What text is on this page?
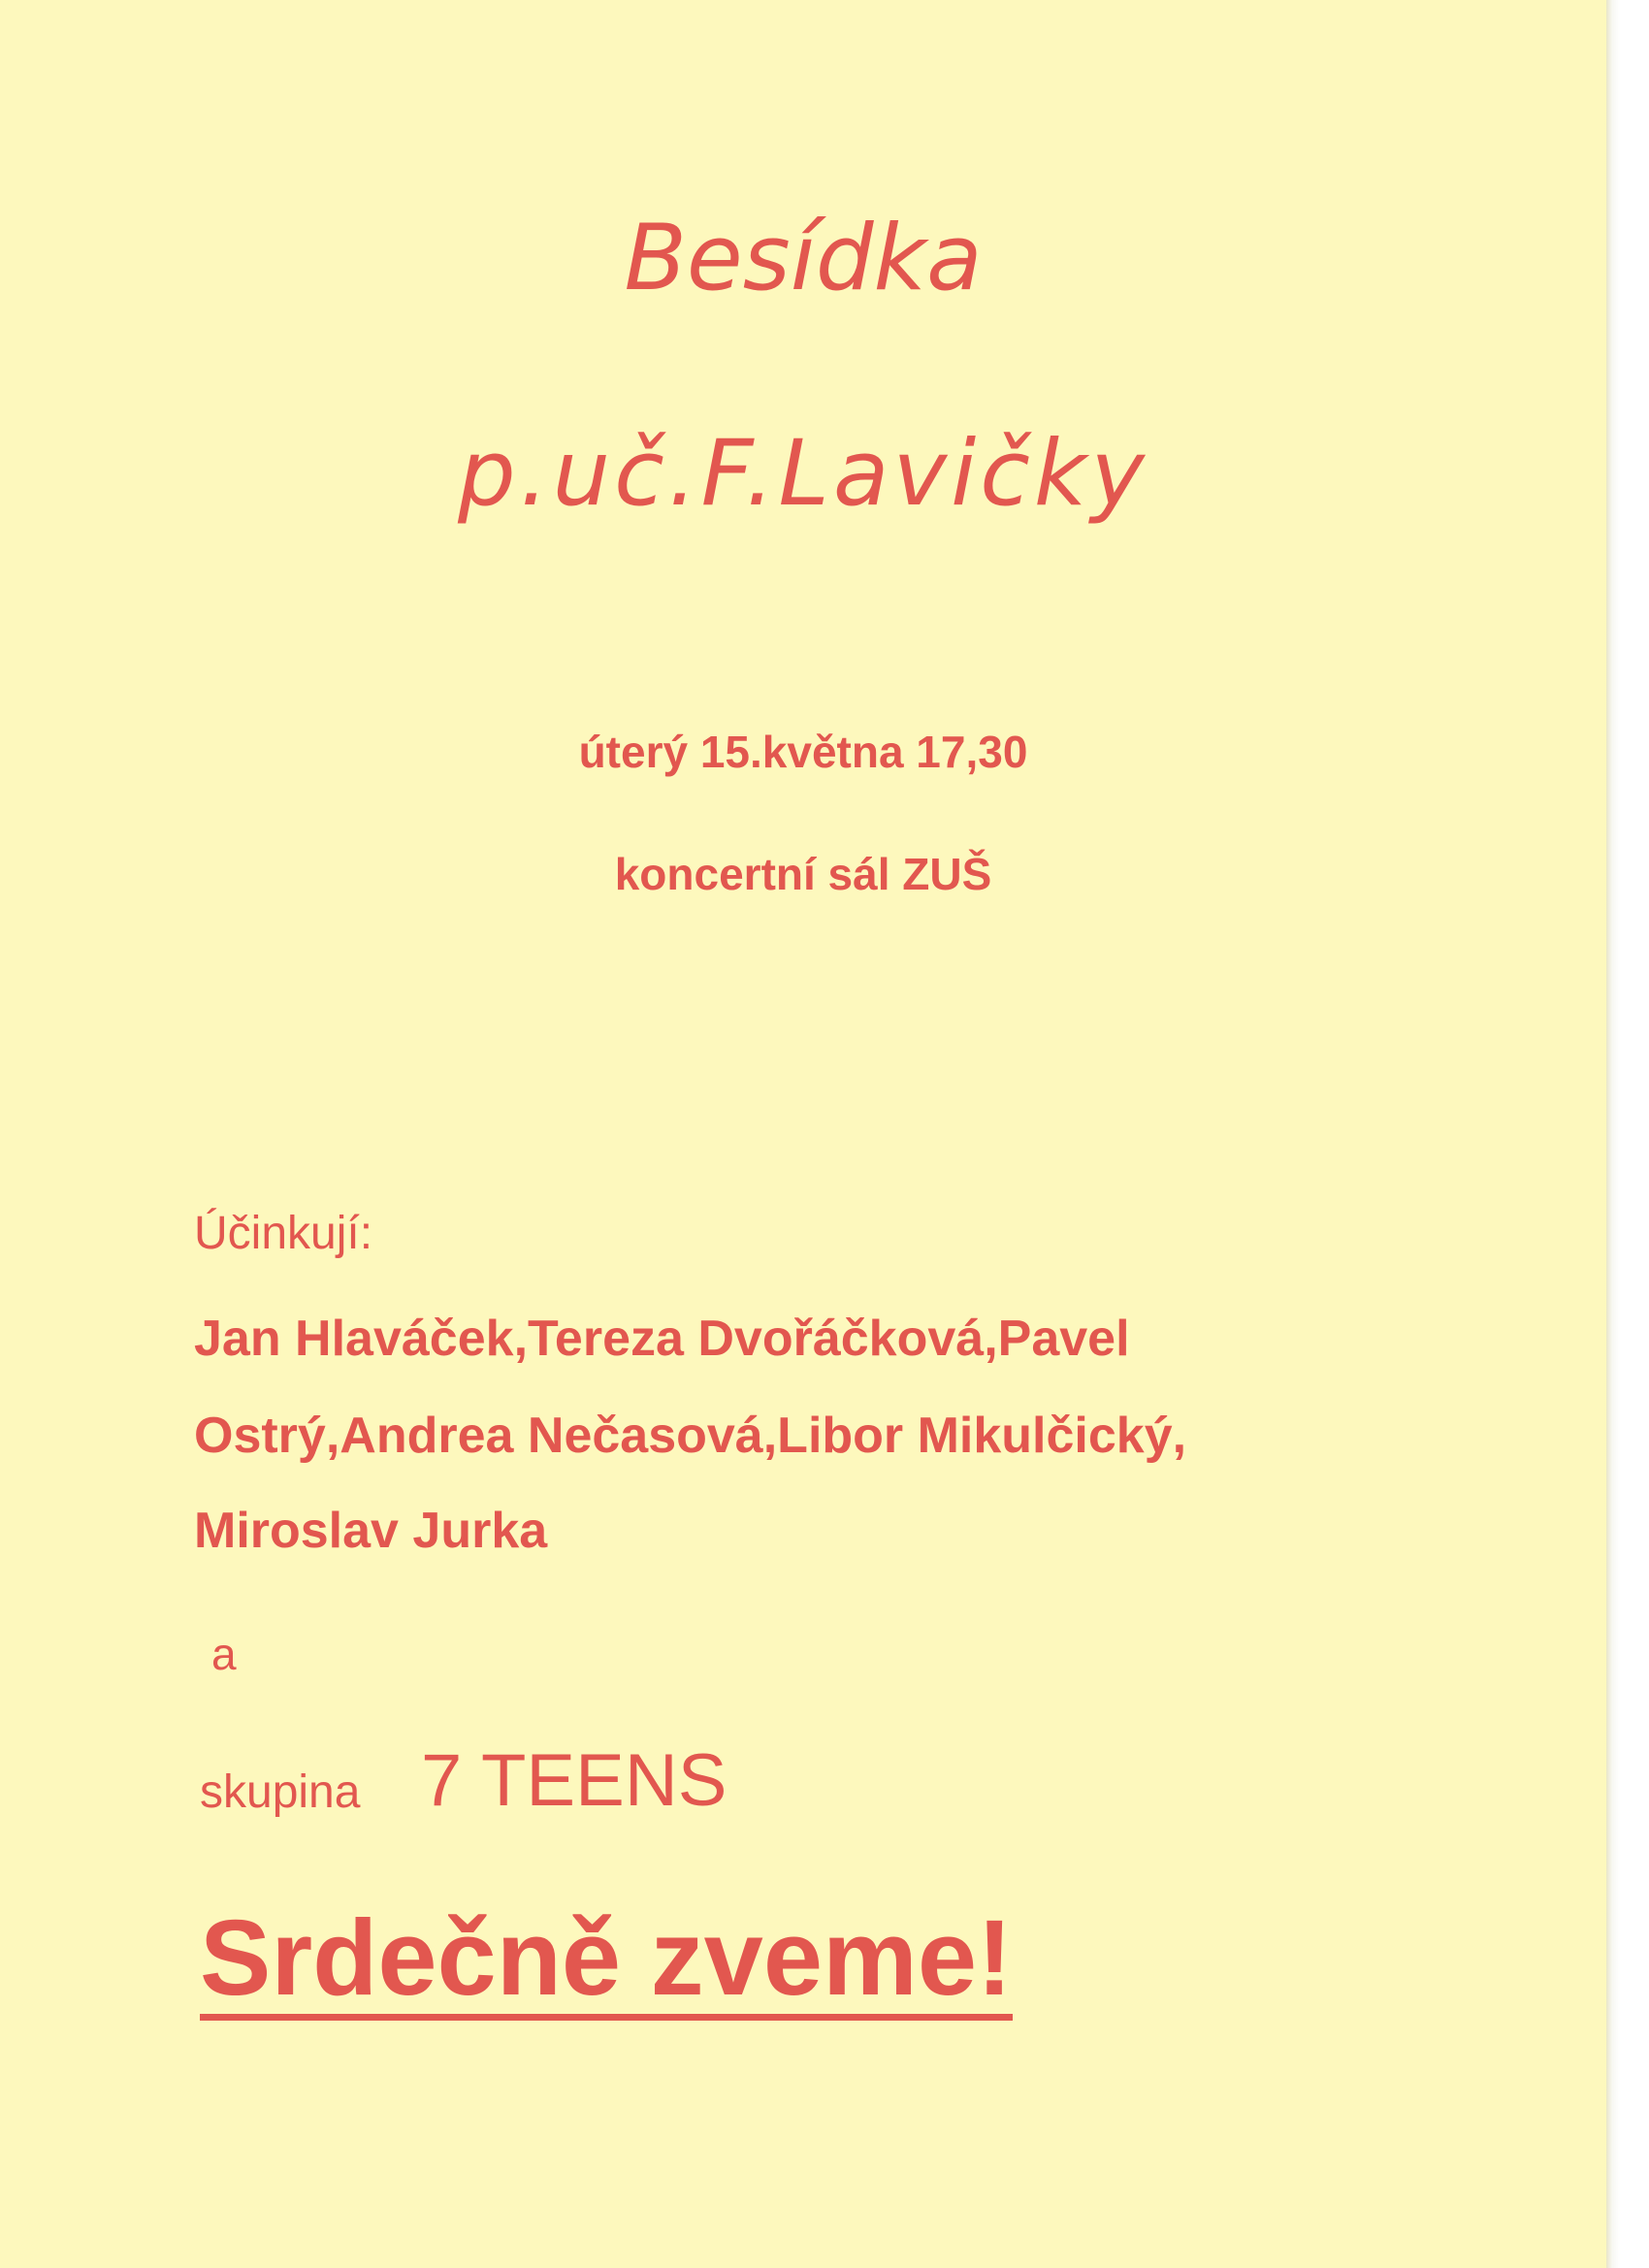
Besídka
p.uč.F.Lavičky
úterý 15.května 17,30
koncertní sál ZUŠ
Účinkují:
Jan Hlaváček,Tereza Dvořáčková,Pavel
Ostrý,Andrea Nečasová,Libor Mikulčický,
Miroslav Jurka
a
skupina 7 TEENS
Srdečně zveme!
